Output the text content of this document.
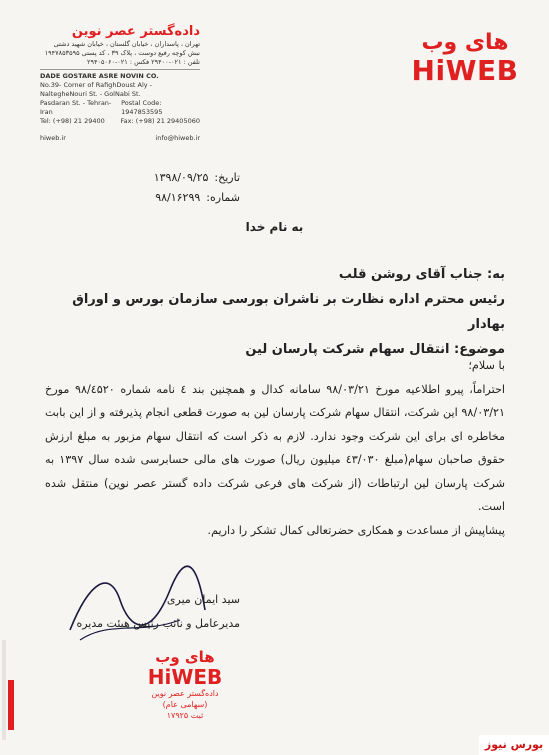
داده‌گستر عصر نوین
تهران ، پاسداران ، خیابان گلستان ، خیابان شهید دشتی
نبش کوچه رفیع دوست ، پلاک ۳۹ ، کد پستی ۱۹۴۷۸۵۳۵۹۵
تلفن : ۰۲۱-۲۹۴۰۰ فکس : ۰۲۱-۲۹۴۰۵۰۶۰
DADE GOSTARE ASRE NOVIN CO.
No.39- Corner of RafighDoust Aly - NaltegheNouri St. - GolNabi St.
Pasdaran St. - Tehran- Iran
Postal Code: 1947853595
Tel: (+98) 21 29400 Fax: (+98) 21 29405060
hiweb.ir	info@hiweb.ir
های وب
HiWEB
تاریخ:
۱۳۹۸/۰۹/۲۵
شماره:
۹۸/۱۶۲۹۹
به نام خدا
به: جناب آقای روشن قلب
رئیس محترم اداره نظارت بر ناشران بورسی سازمان بورس و اوراق بهادار
موضوع: انتقال سهام شرکت پارسان لین

با سلام؛

احتراماً، پیرو اطلاعیه مورخ ۹۸/۰۳/۲۱ سامانه کدال و همچنین بند ٤ نامه شماره ۹۸/٤۵۲۰ مورخ ۹۸/۰۳/۲۱ این شرکت، انتقال سهام شرکت پارسان لین به صورت قطعی انجام پذیرفته و از این بابت مخاطره ای برای این شرکت وجود ندارد. لازم به ذکر است که انتقال سهام مزبور به مبلغ ارزش حقوق صاحبان سهام(مبلغ ٤۳/۰۳۰ میلیون ریال) صورت های مالی حسابرسی شده سال ۱۳۹۷ به شرکت پارسان لین ارتباطات (از شرکت های فرعی شرکت داده گستر عصر نوین) منتقل شده است.

پیشاپیش از مساعدت و همکاری حضرتعالی کمال تشکر را داریم.

سید ایمان میری
مدیرعامل و نائب رئیس هیئت مدیره
های وب
HiWEB
داده‌گستر عصر نوین
(سهامی عام)
ثبت ۱۷۹۲۵
بورس نیوز
